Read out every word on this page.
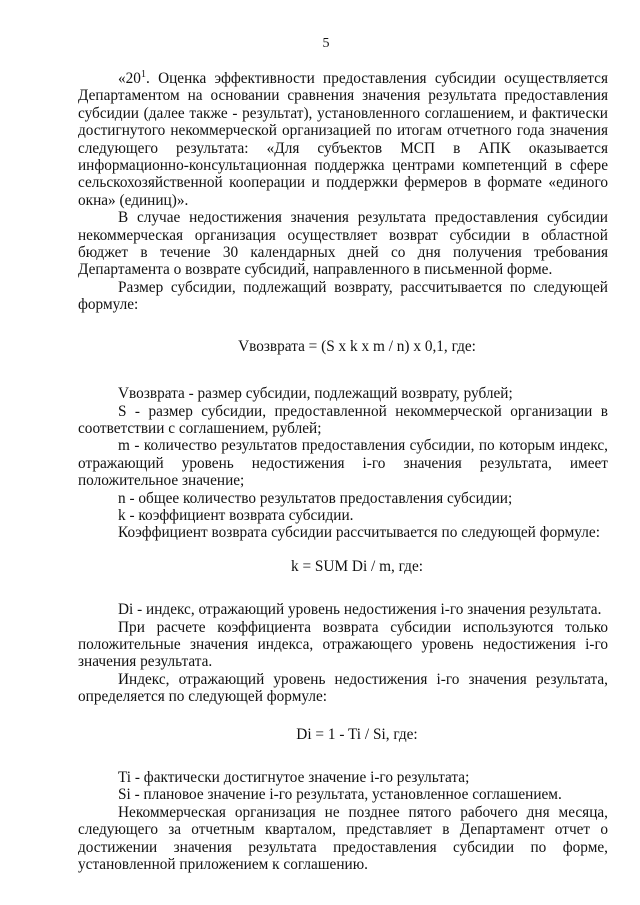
5

«$20^1$. Оценка эффективности предоставления субсидии осуществляется Департаментом на основании сравнения значения результата предоставления субсидии (далее также - результат), установленного соглашением, и фактически достигнутого некоммерческой организацией по итогам отчетного года значения следующего результата: «Для субъектов МСП в АПК оказывается информационно-консультационная поддержка центрами компетенций в сфере сельскохозяйственной кооперации и поддержки фермеров в формате «единого окна» (единиц)».

В случае недостижения значения результата предоставления субсидии некоммерческая организация осуществляет возврат субсидии в областной бюджет в течение 30 календарных дней со дня получения требования Департамента о возврате субсидий, направленного в письменной форме.

Размер субсидии, подлежащий возврату, рассчитывается по следующей формуле:

Vвозврата = (S x k x m / n) x 0,1, где:

Vвозврата - размер субсидии, подлежащий возврату, рублей;

S - размер субсидии, предоставленной некоммерческой организации в соответствии с соглашением, рублей;

m - количество результатов предоставления субсидии, по которым индекс, отражающий уровень недостижения i-го значения результата, имеет положительное значение;

n - общее количество результатов предоставления субсидии;

k - коэффициент возврата субсидии.

Коэффициент возврата субсидии рассчитывается по следующей формуле:

k = SUM Di / m, где:

Di - индекс, отражающий уровень недостижения i-го значения результата.

При расчете коэффициента возврата субсидии используются только положительные значения индекса, отражающего уровень недостижения i-го значения результата.

Индекс, отражающий уровень недостижения i-го значения результата, определяется по следующей формуле:

Di = 1 - Ti / Si, где:

Ti - фактически достигнутое значение i-го результата;

Si - плановое значение i-го результата, установленное соглашением.

Некоммерческая организация не позднее пятого рабочего дня месяца, следующего за отчетным кварталом, представляет в Департамент отчет о достижении значения результата предоставления субсидии по форме, установленной приложением к соглашению.
